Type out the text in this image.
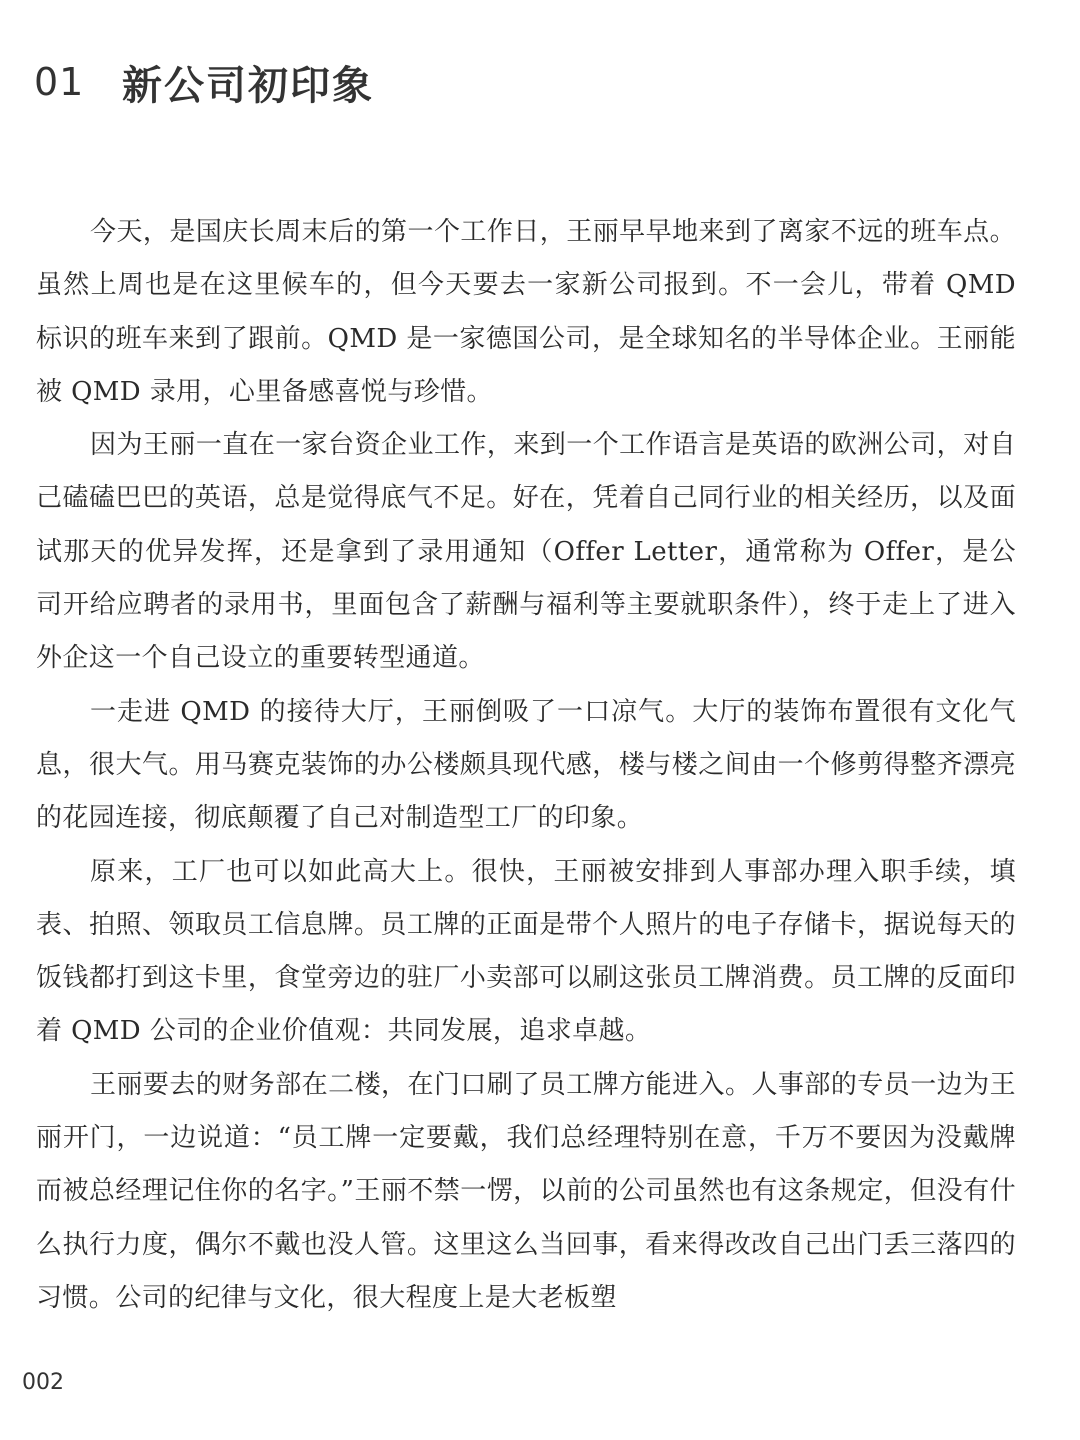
01 新公司初印象

今天，是国庆长周末后的第一个工作日，王丽早早地来到了离家不远的班车点。虽然上周也是在这里候车的，但今天要去一家新公司报到。不一会儿，带着 QMD 标识的班车来到了跟前。QMD 是一家德国公司，是全球知名的半导体企业。王丽能被 QMD 录用，心里备感喜悦与珍惜。

因为王丽一直在一家台资企业工作，来到一个工作语言是英语的欧洲公司，对自己磕磕巴巴的英语，总是觉得底气不足。好在，凭着自己同行业的相关经历，以及面试那天的优异发挥，还是拿到了录用通知（Offer Letter，通常称为 Offer，是公司开给应聘者的录用书，里面包含了薪酬与福利等主要就职条件），终于走上了进入外企这一个自己设立的重要转型通道。

一走进 QMD 的接待大厅，王丽倒吸了一口凉气。大厅的装饰布置很有文化气息，很大气。用马赛克装饰的办公楼颇具现代感，楼与楼之间由一个修剪得整齐漂亮的花园连接，彻底颠覆了自己对制造型工厂的印象。

原来，工厂也可以如此高大上。很快，王丽被安排到人事部办理入职手续，填表、拍照、领取员工信息牌。员工牌的正面是带个人照片的电子存储卡，据说每天的饭钱都打到这卡里，食堂旁边的驻厂小卖部可以刷这张员工牌消费。员工牌的反面印着 QMD 公司的企业价值观：共同发展，追求卓越。

王丽要去的财务部在二楼，在门口刷了员工牌方能进入。人事部的专员一边为王丽开门，一边说道：“员工牌一定要戴，我们总经理特别在意，千万不要因为没戴牌而被总经理记住你的名字。”王丽不禁一愣，以前的公司虽然也有这条规定，但没有什么执行力度，偶尔不戴也没人管。这里这么当回事，看来得改改自己出门丢三落四的习惯。公司的纪律与文化，很大程度上是大老板塑

002
